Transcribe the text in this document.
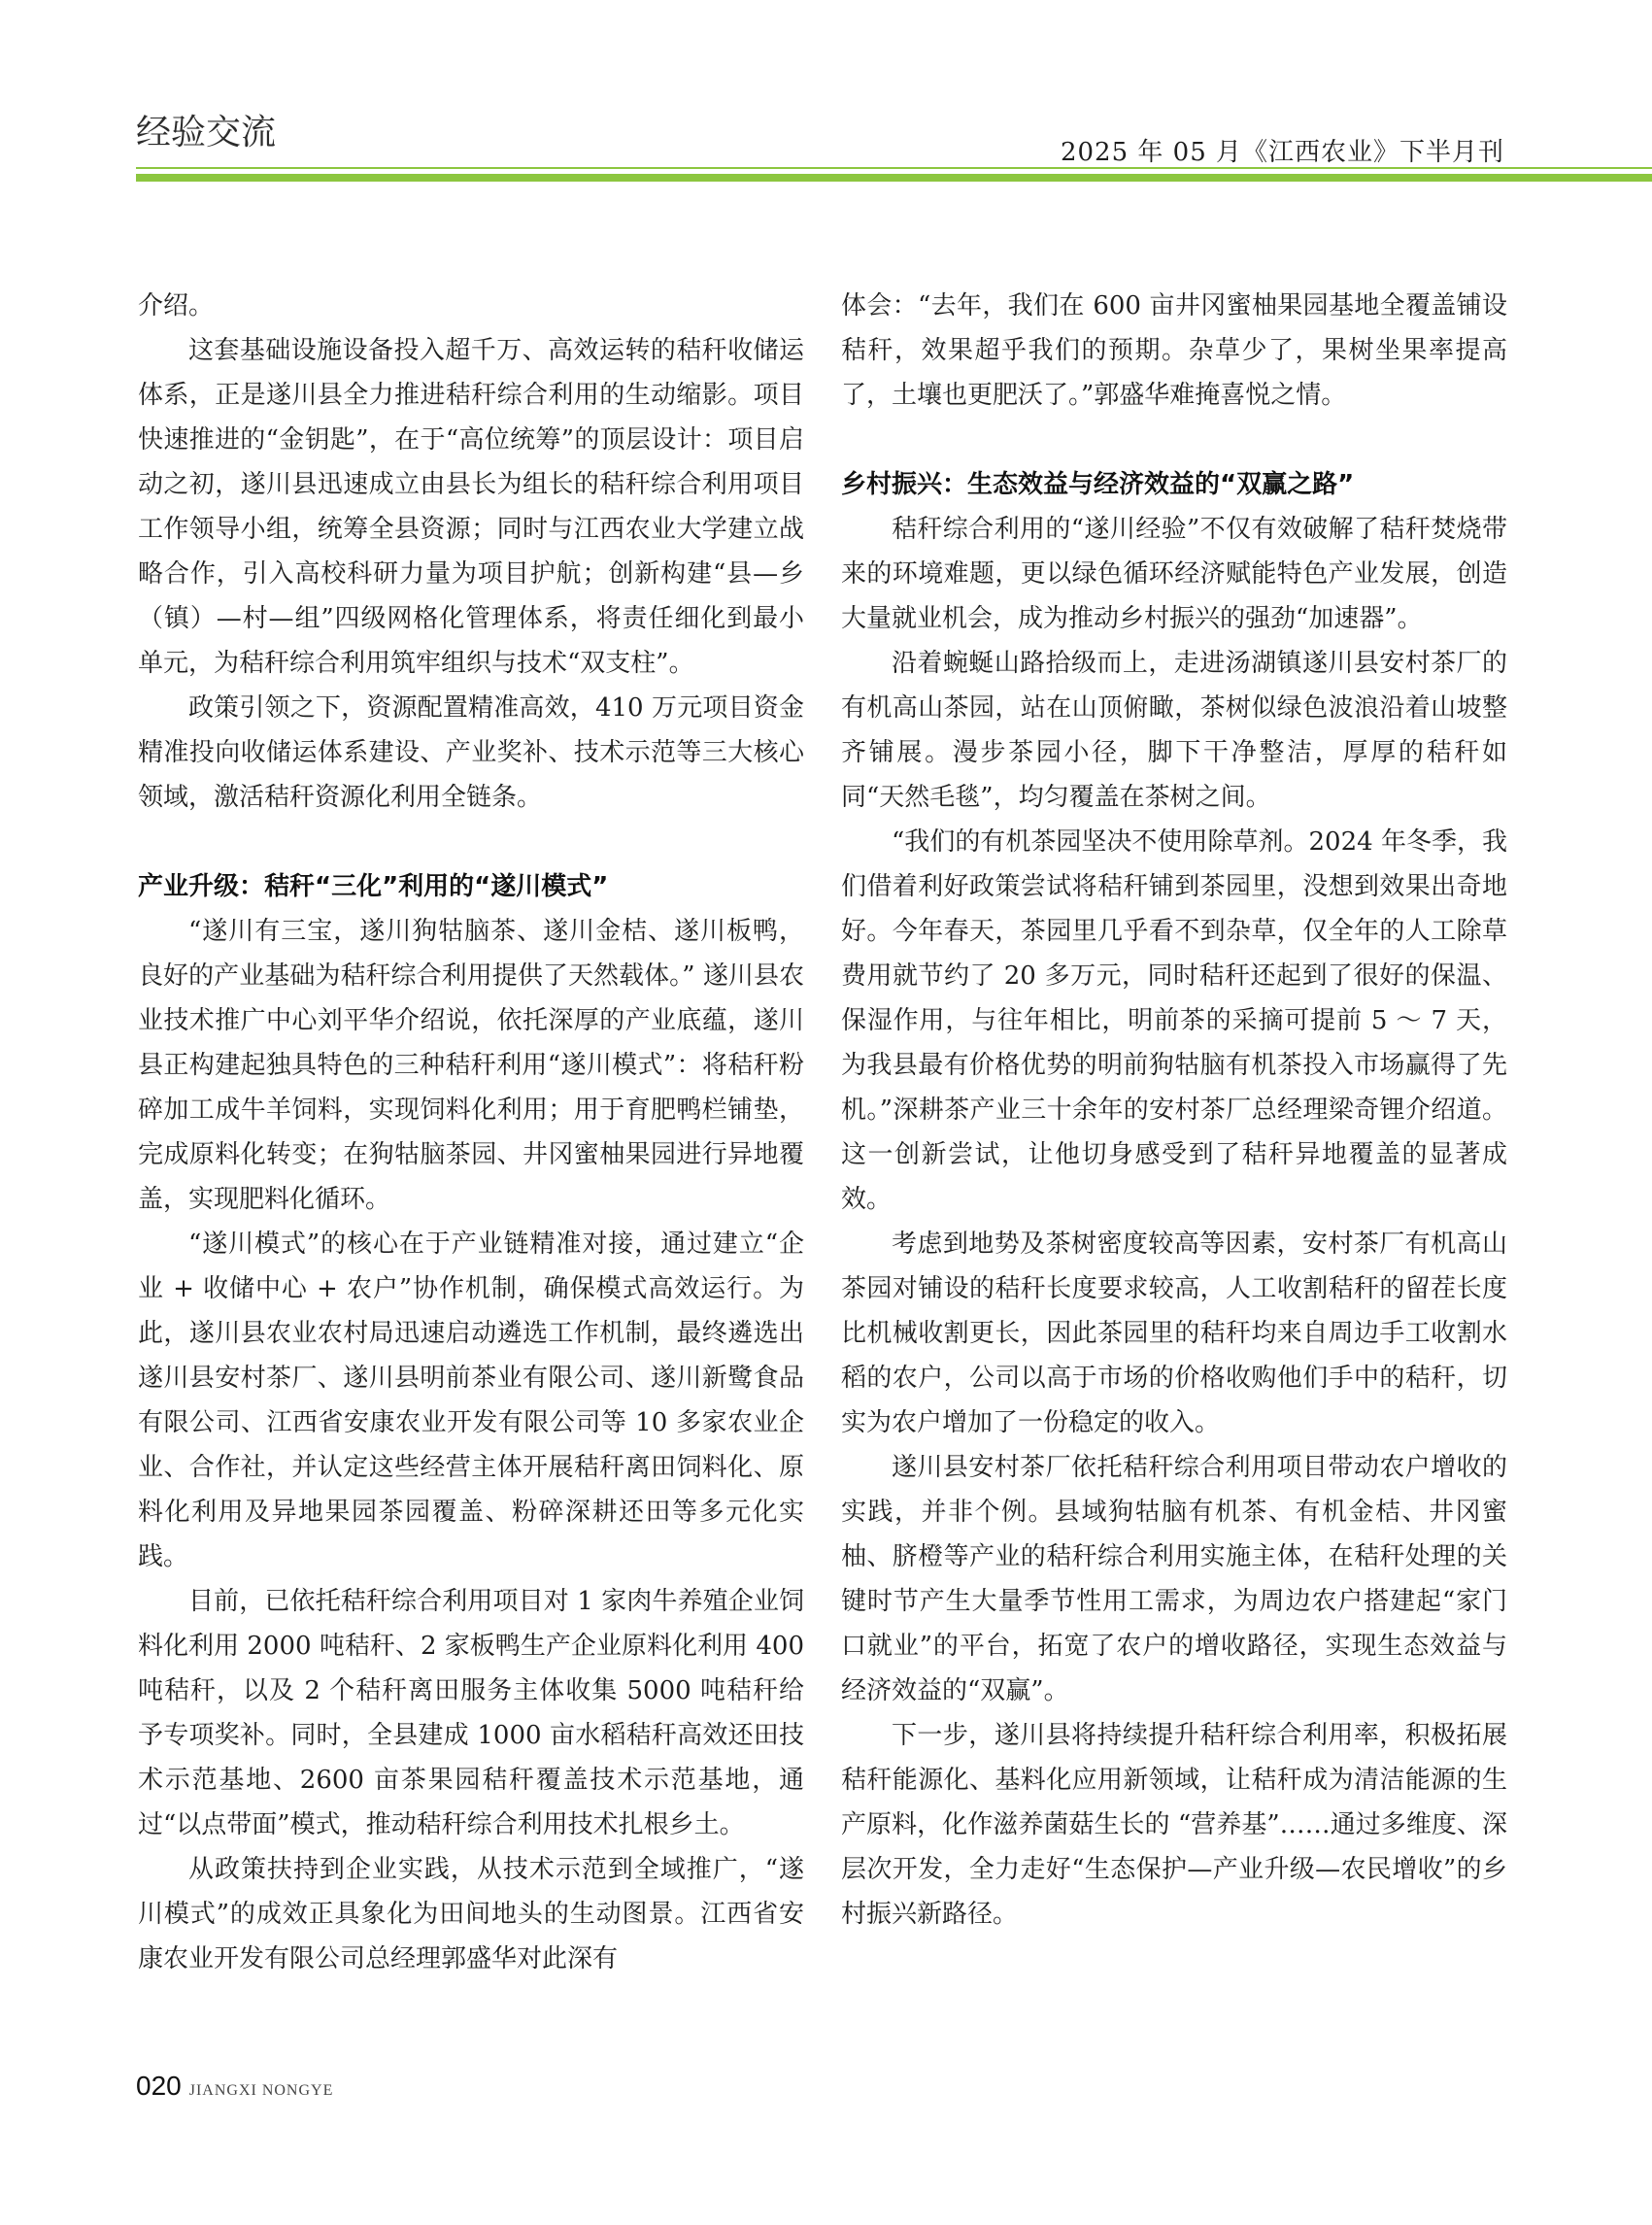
经验交流	2025 年 05 月《江西农业》下半月刊

介绍。

这套基础设施设备投入超千万、高效运转的秸秆收储运体系，正是遂川县全力推进秸秆综合利用的生动缩影。项目快速推进的“金钥匙”，在于“高位统筹”的顶层设计：项目启动之初，遂川县迅速成立由县长为组长的秸秆综合利用项目工作领导小组，统筹全县资源；同时与江西农业大学建立战略合作，引入高校科研力量为项目护航；创新构建“县—乡（镇）—村—组”四级网格化管理体系，将责任细化到最小单元，为秸秆综合利用筑牢组织与技术“双支柱”。

政策引领之下，资源配置精准高效，410 万元项目资金精准投向收储运体系建设、产业奖补、技术示范等三大核心领域，激活秸秆资源化利用全链条。

产业升级：秸秆“三化”利用的“遂川模式”

“遂川有三宝，遂川狗牯脑茶、遂川金桔、遂川板鸭，良好的产业基础为秸秆综合利用提供了天然载体。” 遂川县农业技术推广中心刘平华介绍说，依托深厚的产业底蕴，遂川县正构建起独具特色的三种秸秆利用“遂川模式”：将秸秆粉碎加工成牛羊饲料，实现饲料化利用；用于育肥鸭栏铺垫，完成原料化转变；在狗牯脑茶园、井冈蜜柚果园进行异地覆盖，实现肥料化循环。

“遂川模式”的核心在于产业链精准对接，通过建立“企业 + 收储中心 + 农户”协作机制，确保模式高效运行。为此，遂川县农业农村局迅速启动遴选工作机制，最终遴选出遂川县安村茶厂、遂川县明前茶业有限公司、遂川新鹭食品有限公司、江西省安康农业开发有限公司等 10 多家农业企业、合作社，并认定这些经营主体开展秸秆离田饲料化、原料化利用及异地果园茶园覆盖、粉碎深耕还田等多元化实践。

目前，已依托秸秆综合利用项目对 1 家肉牛养殖企业饲料化利用 2000 吨秸秆、2 家板鸭生产企业原料化利用 400 吨秸秆，以及 2 个秸秆离田服务主体收集 5000 吨秸秆给予专项奖补。同时，全县建成 1000 亩水稻秸秆高效还田技术示范基地、2600 亩茶果园秸秆覆盖技术示范基地，通过“以点带面”模式，推动秸秆综合利用技术扎根乡土。

从政策扶持到企业实践，从技术示范到全域推广，“遂川模式”的成效正具象化为田间地头的生动图景。江西省安康农业开发有限公司总经理郭盛华对此深有

体会：“去年，我们在 600 亩井冈蜜柚果园基地全覆盖铺设秸秆，效果超乎我们的预期。杂草少了，果树坐果率提高了，土壤也更肥沃了。”郭盛华难掩喜悦之情。

乡村振兴：生态效益与经济效益的“双赢之路”

秸秆综合利用的“遂川经验”不仅有效破解了秸秆焚烧带来的环境难题，更以绿色循环经济赋能特色产业发展，创造大量就业机会，成为推动乡村振兴的强劲“加速器”。

沿着蜿蜒山路拾级而上，走进汤湖镇遂川县安村茶厂的有机高山茶园，站在山顶俯瞰，茶树似绿色波浪沿着山坡整齐铺展。漫步茶园小径，脚下干净整洁，厚厚的秸秆如同“天然毛毯”，均匀覆盖在茶树之间。

“我们的有机茶园坚决不使用除草剂。2024 年冬季，我们借着利好政策尝试将秸秆铺到茶园里，没想到效果出奇地好。今年春天，茶园里几乎看不到杂草，仅全年的人工除草费用就节约了 20 多万元，同时秸秆还起到了很好的保温、保湿作用，与往年相比，明前茶的采摘可提前 5 ～ 7 天，为我县最有价格优势的明前狗牯脑有机茶投入市场赢得了先机。”深耕茶产业三十余年的安村茶厂总经理梁奇锂介绍道。这一创新尝试，让他切身感受到了秸秆异地覆盖的显著成效。

考虑到地势及茶树密度较高等因素，安村茶厂有机高山茶园对铺设的秸秆长度要求较高，人工收割秸秆的留茬长度比机械收割更长，因此茶园里的秸秆均来自周边手工收割水稻的农户，公司以高于市场的价格收购他们手中的秸秆，切实为农户增加了一份稳定的收入。

遂川县安村茶厂依托秸秆综合利用项目带动农户增收的实践，并非个例。县域狗牯脑有机茶、有机金桔、井冈蜜柚、脐橙等产业的秸秆综合利用实施主体，在秸秆处理的关键时节产生大量季节性用工需求，为周边农户搭建起“家门口就业”的平台，拓宽了农户的增收路径，实现生态效益与经济效益的“双赢”。

下一步，遂川县将持续提升秸秆综合利用率，积极拓展秸秆能源化、基料化应用新领域，让秸秆成为清洁能源的生产原料，化作滋养菌菇生长的 “营养基”……通过多维度、深层次开发，全力走好“生态保护—产业升级—农民增收”的乡村振兴新路径。

020 JIANGXI NONGYE
